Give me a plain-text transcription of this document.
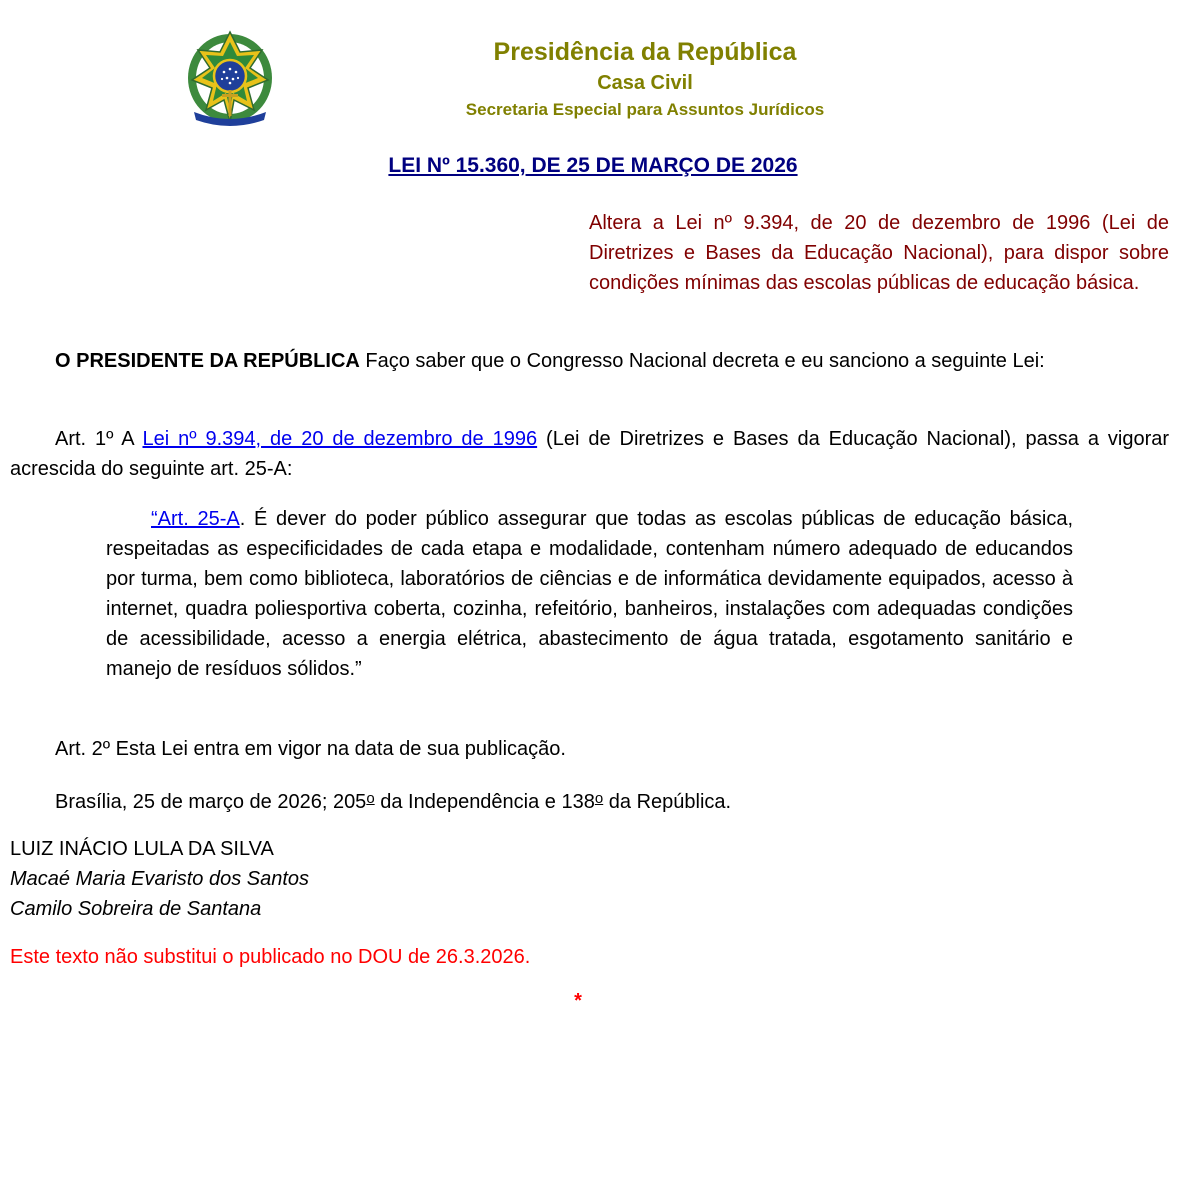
Presidência da República
Casa Civil
Secretaria Especial para Assuntos Jurídicos
LEI Nº 15.360, DE 25 DE MARÇO DE 2026

Altera a Lei nº 9.394, de 20 de dezembro de 1996 (Lei de Diretrizes e Bases da Educação Nacional), para dispor sobre condições mínimas das escolas públicas de educação básica.

O PRESIDENTE DA REPÚBLICA Faço saber que o Congresso Nacional decreta e eu sanciono a seguinte Lei:

Art. 1º A Lei nº 9.394, de 20 de dezembro de 1996 (Lei de Diretrizes e Bases da Educação Nacional), passa a vigorar acrescida do seguinte art. 25-A:

“Art. 25-A. É dever do poder público assegurar que todas as escolas públicas de educação básica, respeitadas as especificidades de cada etapa e modalidade, contenham número adequado de educandos por turma, bem como biblioteca, laboratórios de ciências e de informática devidamente equipados, acesso à internet, quadra poliesportiva coberta, cozinha, refeitório, banheiros, instalações com adequadas condições de acessibilidade, acesso a energia elétrica, abastecimento de água tratada, esgotamento sanitário e manejo de resíduos sólidos.”

Art. 2º Esta Lei entra em vigor na data de sua publicação.

Brasília, 25 de março de 2026; 205$^o$ da Independência e 138$^o$ da República.

LUIZ INÁCIO LULA DA SILVA

Macaé Maria Evaristo dos Santos

Camilo Sobreira de Santana

Este texto não substitui o publicado no DOU de 26.3.2026.

*
